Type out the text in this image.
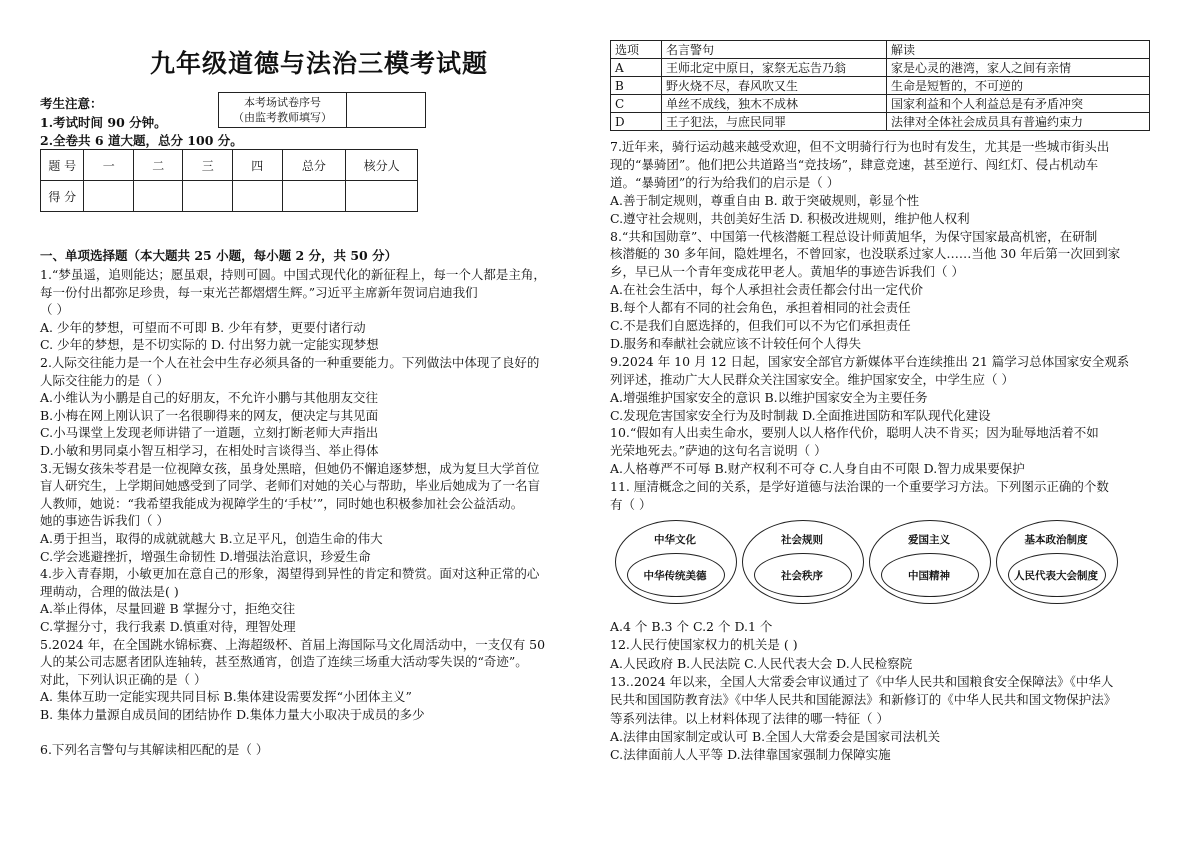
九年级道德与法治三模考试题
考生注意：
1.考试时间 90 分钟。
2.全卷共 6 道大题，总分 100 分。
本考场试卷序号
（由监考教师填写）
题 号	一	二	三	四	总分	核分人
得 分						
一、单项选择题（本大题共 25 小题，每小题 2 分，共 50 分）
1.“梦虽遥，追则能达；愿虽艰，持则可圆。中国式现代化的新征程上，每一个人都是主角，
每一份付出都弥足珍贵，每一束光芒都熠熠生辉。”习近平主席新年贺词启迪我们
（ ）
A. 少年的梦想，可望而不可即 B. 少年有梦，更要付诸行动
C. 少年的梦想，是不切实际的 D. 付出努力就一定能实现梦想
2.人际交往能力是一个人在社会中生存必须具备的一种重要能力。下列做法中体现了良好的
人际交往能力的是（ ）
A.小维认为小鹏是自己的好朋友，不允许小鹏与其他朋友交往
B.小梅在网上刚认识了一名很聊得来的网友，便决定与其见面
C.小马课堂上发现老师讲错了一道题，立刻打断老师大声指出
D.小敏和男同桌小智互相学习，在相处时言谈得当、举止得体
3.无锡女孩朱苓君是一位视障女孩，虽身处黑暗，但她仍不懈追逐梦想，成为复旦大学首位
盲人研究生，上学期间她感受到了同学、老师们对她的关心与帮助，毕业后她成为了一名盲
人教师，她说：“我希望我能成为视障学生的‘手杖’”，同时她也积极参加社会公益活动。
她的事迹告诉我们（ ）
A.勇于担当，取得的成就就越大 B.立足平凡，创造生命的伟大
C.学会逃避挫折，增强生命韧性 D.增强法治意识，珍爱生命
4.步入青春期，小敏更加在意自己的形象，渴望得到异性的肯定和赞赏。面对这种正常的心
理萌动，合理的做法是( )
A.举止得体，尽量回避 B 掌握分寸，拒绝交往
C.掌握分寸，我行我素 D.慎重对待，理智处理
5.2024 年，在全国跳水锦标赛、上海超级杯、首届上海国际马文化周活动中，一支仅有 50
人的某公司志愿者团队连轴转，甚至熬通宵，创造了连续三场重大活动零失误的“奇迹”。
对此，下列认识正确的是（ ）
A. 集体互助一定能实现共同目标 B.集体建设需要发挥“小团体主义”
B. 集体力量源自成员间的团结协作 D.集体力量大小取决于成员的多少
6.下列名言警句与其解读相匹配的是（ ）
选项	名言警句	解读
A	王师北定中原日，家祭无忘告乃翁	家是心灵的港湾，家人之间有亲情
B	野火烧不尽，春风吹又生	生命是短暂的，不可逆的
C	单丝不成线，独木不成林	国家利益和个人利益总是有矛盾冲突
D	王子犯法，与庶民同罪	法律对全体社会成员具有普遍约束力
7.近年来，骑行运动越来越受欢迎，但不文明骑行行为也时有发生，尤其是一些城市街头出
现的“暴骑团”。他们把公共道路当“竞技场”，肆意竞速，甚至逆行、闯红灯、侵占机动车
道。“暴骑团”的行为给我们的启示是（ ）
A.善于制定规则，尊重自由 B. 敢于突破规则，彰显个性
C.遵守社会规则，共创美好生活 D. 积极改进规则，维护他人权利
8.“共和国勋章”、中国第一代核潜艇工程总设计师黄旭华，为保守国家最高机密，在研制
核潜艇的 30 多年间，隐姓埋名，不曾回家，也没联系过家人……当他 30 年后第一次回到家
乡，早已从一个青年变成花甲老人。黄旭华的事迹告诉我们（ ）
A.在社会生活中，每个人承担社会责任都会付出一定代价
B.每个人都有不同的社会角色，承担着相同的社会责任
C.不是我们自愿选择的，但我们可以不为它们承担责任
D.服务和奉献社会就应该不计较任何个人得失
9.2024 年 10 月 12 日起，国家安全部官方新媒体平台连续推出 21 篇学习总体国家安全观系
列评述，推动广大人民群众关注国家安全。维护国家安全，中学生应（ ）
A.增强维护国家安全的意识 B.以维护国家安全为主要任务
C.发现危害国家安全行为及时制裁 D.全面推进国防和军队现代化建设
10.“假如有人出卖生命水，要别人以人格作代价，聪明人决不肯买；因为耻辱地活着不如
光荣地死去。”萨迪的这句名言说明（ ）
A.人格尊严不可辱 B.财产权利不可夺 C.人身自由不可限 D.智力成果要保护
11. 厘清概念之间的关系，是学好道德与法治课的一个重要学习方法。下列图示正确的个数
有（ ）
中华文化
中华传统美德
社会规则
社会秩序
爱国主义
中国精神
基本政治制度
人民代表大会制度
A.4 个 B.3 个 C.2 个 D.1 个
12.人民行使国家权力的机关是 ( )
A.人民政府 B.人民法院 C.人民代表大会 D.人民检察院
13..2024 年以来，全国人大常委会审议通过了《中华人民共和国粮食安全保障法》《中华人
民共和国国防教育法》《中华人民共和国能源法》和新修订的《中华人民共和国文物保护法》
等系列法律。以上材料体现了法律的哪一特征（ ）
A.法律由国家制定或认可 B.全国人大常委会是国家司法机关
C.法律面前人人平等 D.法律靠国家强制力保障实施
